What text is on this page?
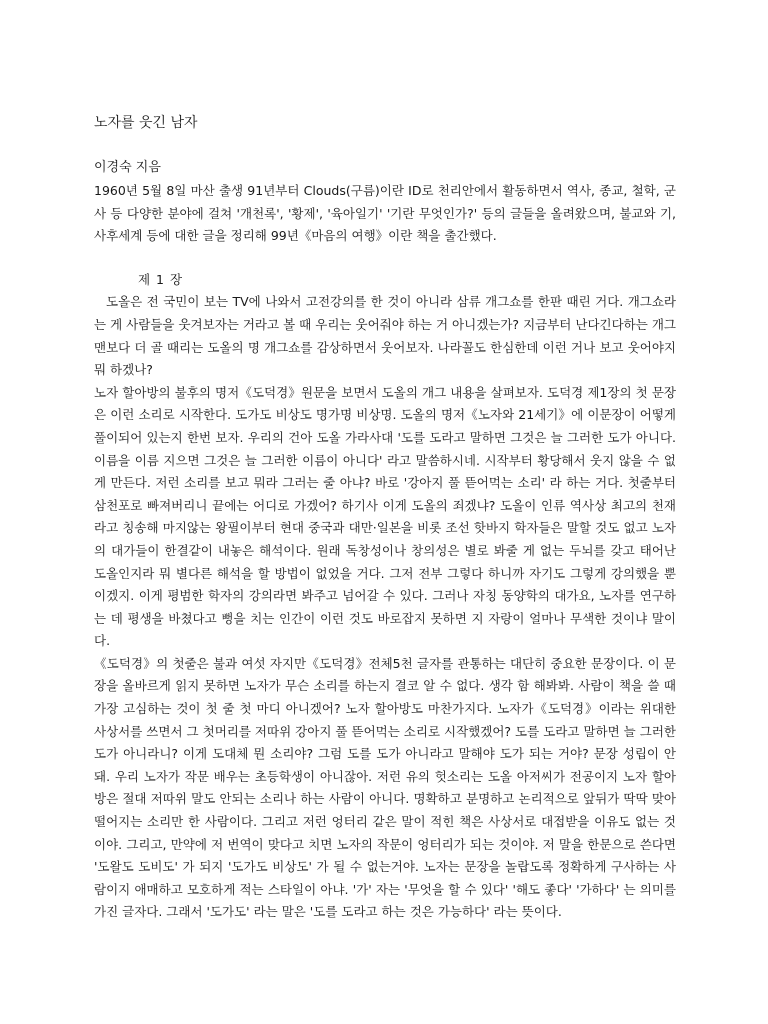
노자를 웃긴 남자

이경숙 지음

1960년 5월 8일 마산 출생 91년부터 Clouds(구름)이란 ID로 천리안에서 활동하면서 역사, 종교, 철학, 군사 등 다양한 분야에 걸쳐 '개천록', '황제', '육아일기' '기란 무엇인가?' 등의 글들을 올려왔으며, 불교와 기, 사후세계 등에 대한 글을 정리해 99년《마음의 여행》이란 책을 출간했다.

제 1 장

도올은 전 국민이 보는 TV에 나와서 고전강의를 한 것이 아니라 삼류 개그쇼를 한판 때린 거다. 개그쇼라는 게 사람들을 웃겨보자는 거라고 볼 때 우리는 웃어줘야 하는 거 아니겠는가? 지금부터 난다긴다하는 개그맨보다 더 골 때리는 도올의 명 개그쇼를 감상하면서 웃어보자. 나라꼴도 한심한데 이런 거나 보고 웃어야지 뭐 하겠나?

노자 할아방의 불후의 명저《도덕경》원문을 보면서 도올의 개그 내용을 살펴보자. 도덕경 제1장의 첫 문장은 이런 소리로 시작한다. 도가도 비상도 명가명 비상명. 도올의 명저《노자와 21세기》에 이문장이 어떻게 풀이되어 있는지 한번 보자. 우리의 건아 도올 가라사대 '도를 도라고 말하면 그것은 늘 그러한 도가 아니다. 이름을 이름 지으면 그것은 늘 그러한 이름이 아니다' 라고 말씀하시네. 시작부터 황당해서 웃지 않을 수 없게 만든다. 저런 소리를 보고 뭐라 그러는 줄 아냐? 바로 '강아지 풀 뜯어먹는 소리' 라 하는 거다. 첫줄부터 삼천포로 빠져버리니 끝에는 어디로 가겠어? 하기사 이게 도올의 죄겠냐? 도올이 인류 역사상 최고의 천재라고 칭송해 마지않는 왕필이부터 현대 중국과 대만·일본을 비롯 조선 핫바지 학자들은 말할 것도 없고 노자의 대가들이 한결같이 내놓은 해석이다. 원래 독창성이나 창의성은 별로 봐줄 게 없는 두뇌를 갖고 태어난 도올인지라 뭐 별다른 해석을 할 방법이 없었을 거다. 그저 전부 그렇다 하니까 자기도 그렇게 강의했을 뿐이겠지. 이게 평범한 학자의 강의라면 봐주고 넘어갈 수 있다. 그러나 자칭 동양학의 대가요, 노자를 연구하는 데 평생을 바쳤다고 뻥을 치는 인간이 이런 것도 바로잡지 못하면 지 자랑이 얼마나 무색한 것이냐 말이다.

《도덕경》의 첫줄은 불과 여섯 자지만《도덕경》전체5천 글자를 관통하는 대단히 중요한 문장이다. 이 문장을 올바르게 읽지 못하면 노자가 무슨 소리를 하는지 결코 알 수 없다. 생각 함 해봐봐. 사람이 책을 쓸 때 가장 고심하는 것이 첫 줄 첫 마디 아니겠어? 노자 할아방도 마찬가지다. 노자가《도덕경》이라는 위대한 사상서를 쓰면서 그 첫머리를 저따위 강아지 풀 뜯어먹는 소리로 시작했겠어? 도를 도라고 말하면 늘 그러한 도가 아니라니? 이게 도대체 뭔 소리야? 그럼 도를 도가 아니라고 말해야 도가 되는 거야? 문장 성립이 안 돼. 우리 노자가 작문 배우는 초등학생이 아니잖아. 저런 유의 헛소리는 도올 아저씨가 전공이지 노자 할아방은 절대 저따위 말도 안되는 소리나 하는 사람이 아니다. 명확하고 분명하고 논리적으로 앞뒤가 딱딱 맞아 떨어지는 소리만 한 사람이다. 그리고 저런 엉터리 같은 말이 적힌 책은 사상서로 대접받을 이유도 없는 것이야. 그리고, 만약에 저 번역이 맞다고 치면 노자의 작문이 엉터리가 되는 것이야. 저 말을 한문으로 쓴다면 '도왈도 도비도' 가 되지 '도가도 비상도' 가 될 수 없는거야. 노자는 문장을 놀랍도록 정확하게 구사하는 사람이지 애매하고 모호하게 적는 스타일이 아냐. '가' 자는 '무엇을 할 수 있다' '해도 좋다' '가하다' 는 의미를 가진 글자다. 그래서 '도가도' 라는 말은 '도를 도라고 하는 것은 가능하다' 라는 뜻이다.
